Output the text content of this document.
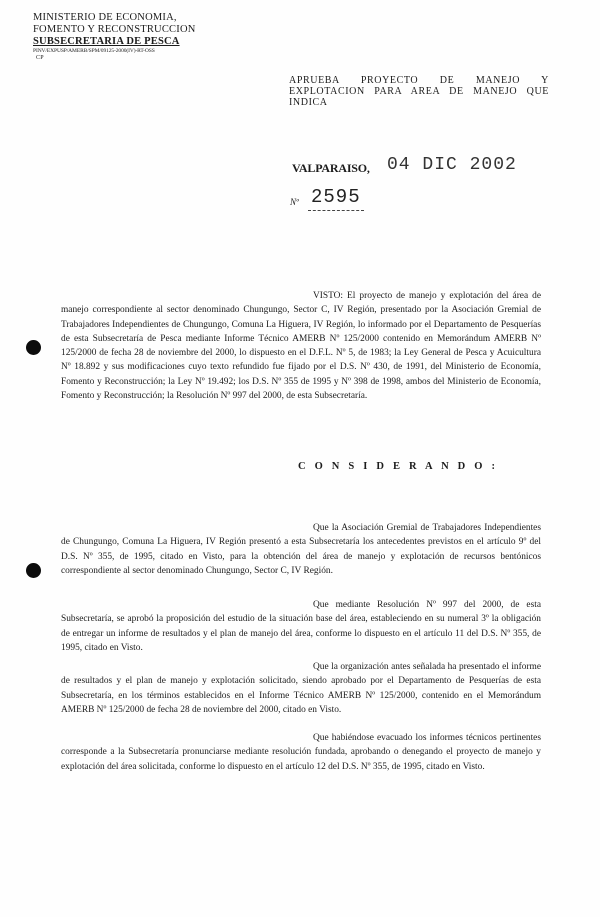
MINISTERIO DE ECONOMIA,
FOMENTO Y RECONSTRUCCION
SUBSECRETARIA DE PESCA
PINV/EXPUSP/AMERB/SPM/09125-2000(IV)-RT-OSS
CP
APRUEBA PROYECTO DE MANEJO Y EXPLOTACION PARA AREA DE MANEJO QUE INDICA
VALPARAISO, 04 DIC 2002
Nº 2595
VISTO: El proyecto de manejo y explotación del área de manejo correspondiente al sector denominado Chungungo, Sector C, IV Región, presentado por la Asociación Gremial de Trabajadores Independientes de Chungungo, Comuna La Higuera, IV Región, lo informado por el Departamento de Pesquerías de esta Subsecretaría de Pesca mediante Informe Técnico AMERB Nº 125/2000 contenido en Memorándum AMERB Nº 125/2000 de fecha 28 de noviembre del 2000, lo dispuesto en el D.F.L. Nº 5, de 1983; la Ley General de Pesca y Acuicultura Nº 18.892 y sus modificaciones cuyo texto refundido fue fijado por el D.S. Nº 430, de 1991, del Ministerio de Economía, Fomento y Reconstrucción; la Ley Nº 19.492; los D.S. Nº 355 de 1995 y Nº 398 de 1998, ambos del Ministerio de Economía, Fomento y Reconstrucción; la Resolución Nº 997 del 2000, de esta Subsecretaría.
C O N S I D E R A N D O :
Que la Asociación Gremial de Trabajadores Independientes de Chungungo, Comuna La Higuera, IV Región presentó a esta Subsecretaría los antecedentes previstos en el artículo 9º del D.S. Nº 355, de 1995, citado en Visto, para la obtención del área de manejo y explotación de recursos bentónicos correspondiente al sector denominado Chungungo, Sector C, IV Región.
Que mediante Resolución Nº 997 del 2000, de esta Subsecretaría, se aprobó la proposición del estudio de la situación base del área, estableciendo en su numeral 3º la obligación de entregar un informe de resultados y el plan de manejo del área, conforme lo dispuesto en el artículo 11 del D.S. Nº 355, de 1995, citado en Visto.
Que la organización antes señalada ha presentado el informe de resultados y el plan de manejo y explotación solicitado, siendo aprobado por el Departamento de Pesquerías de esta Subsecretaría, en los términos establecidos en el Informe Técnico AMERB Nº 125/2000, contenido en el Memorándum AMERB Nº 125/2000 de fecha 28 de noviembre del 2000, citado en Visto.
Que habiéndose evacuado los informes técnicos pertinentes corresponde a la Subsecretaría pronunciarse mediante resolución fundada, aprobando o denegando el proyecto de manejo y explotación del área solicitada, conforme lo dispuesto en el artículo 12 del D.S. Nº 355, de 1995, citado en Visto.
